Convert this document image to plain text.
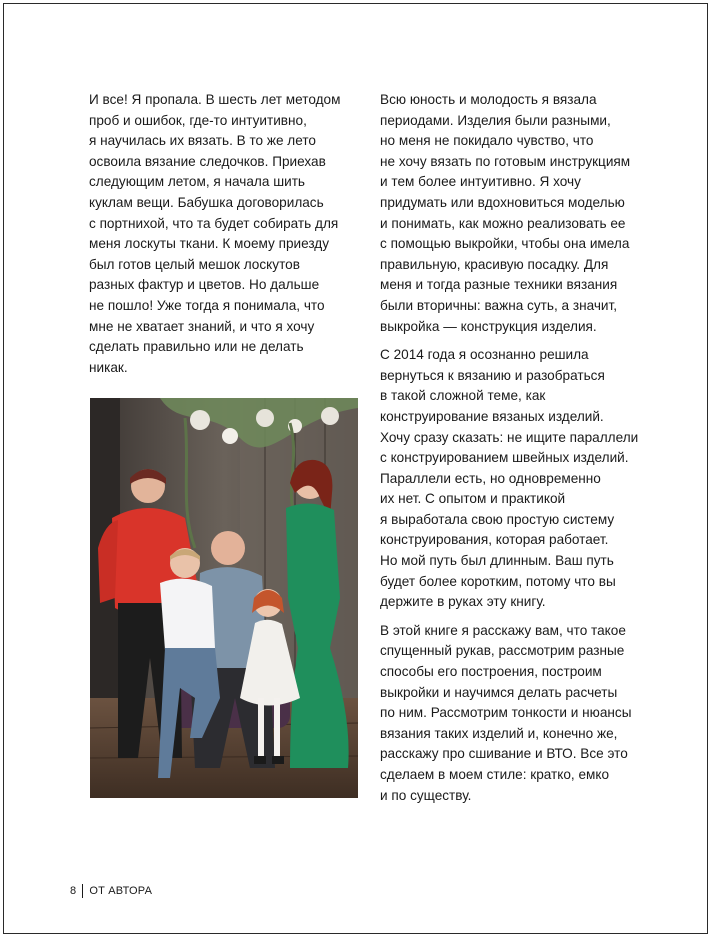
И все! Я пропала. В шесть лет методом
проб и ошибок, где-то интуитивно,
я научилась их вязать. В то же лето
освоила вязание следочков. Приехав
следующим летом, я начала шить
куклам вещи. Бабушка договорилась
с портнихой, что та будет собирать для
меня лоскуты ткани. К моему приезду
был готов целый мешок лоскутов
разных фактур и цветов. Но дальше
не пошло! Уже тогда я понимала, что
мне не хватает знаний, и что я хочу
сделать правильно или не делать
никак.

Всю юность и молодость я вязала
периодами. Изделия были разными,
но меня не покидало чувство, что
не хочу вязать по готовым инструкциям
и тем более интуитивно. Я хочу
придумать или вдохновиться моделью
и понимать, как можно реализовать ее
с помощью выкройки, чтобы она имела
правильную, красивую посадку. Для
меня и тогда разные техники вязания
были вторичны: важна суть, а значит,
выкройка — конструкция изделия.

С 2014 года я осознанно решила
вернуться к вязанию и разобраться
в такой сложной теме, как
конструирование вязаных изделий.
Хочу сразу сказать: не ищите параллели
с конструированием швейных изделий.
Параллели есть, но одновременно
их нет. С опытом и практикой
я выработала свою простую систему
конструирования, которая работает.
Но мой путь был длинным. Ваш путь
будет более коротким, потому что вы
держите в руках эту книгу.

В этой книге я расскажу вам, что такое
спущенный рукав, рассмотрим разные
способы его построения, построим
выкройки и научимся делать расчеты
по ним. Рассмотрим тонкости и нюансы
вязания таких изделий и, конечно же,
расскажу про сшивание и ВТО. Все это
сделаем в моем стиле: кратко, емко
и по существу.

8 ОТ АВТОРА
